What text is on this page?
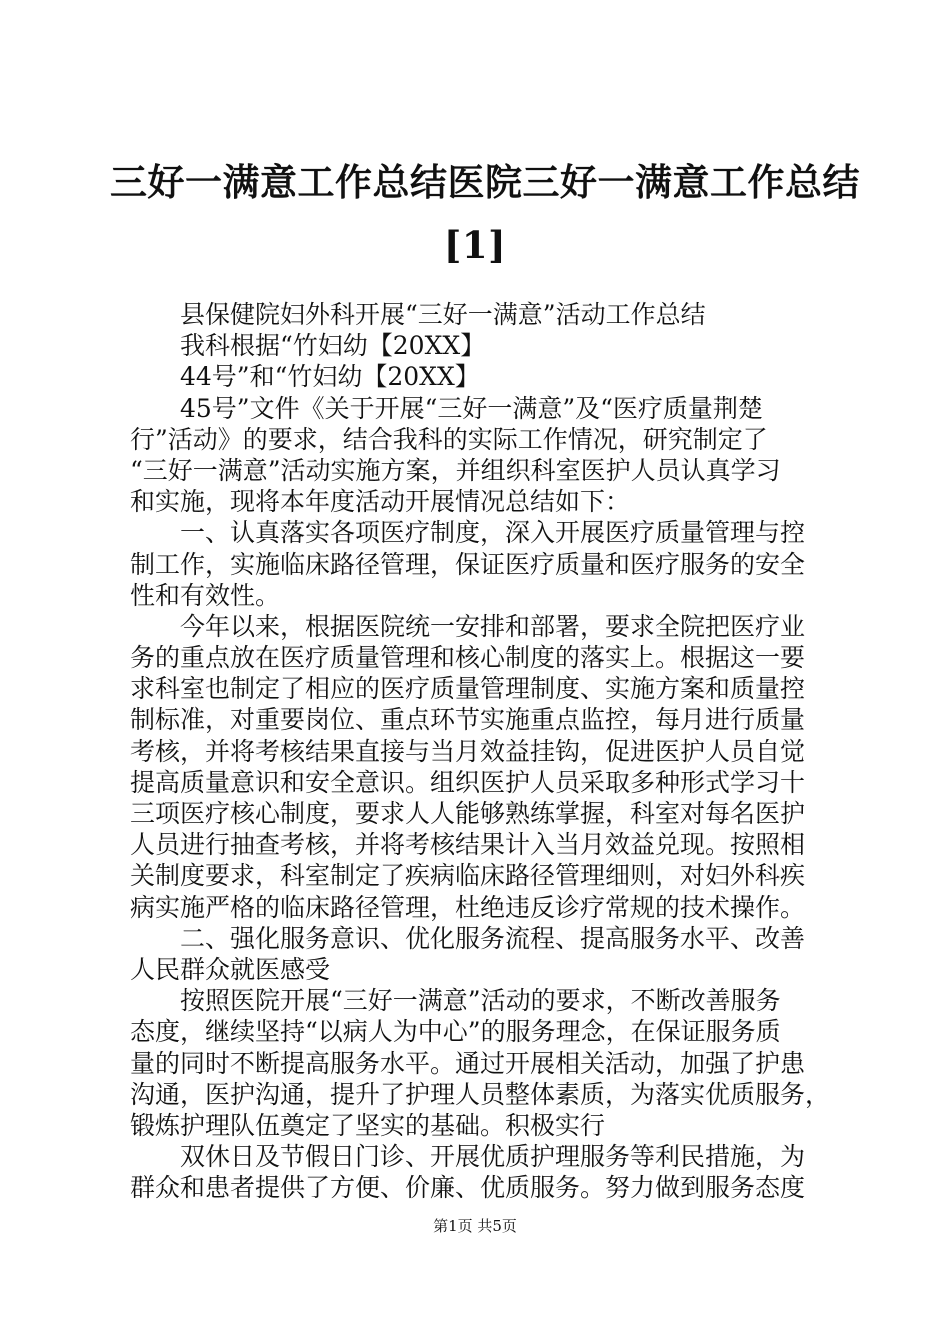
三好一满意工作总结医院三好一满意工作总结
[1]
县保健院妇外科开展“三好一满意”活动工作总结
我科根据“竹妇幼【20XX】
44号”和“竹妇幼【20XX】
45号”文件《关于开展“三好一满意”及“医疗质量荆楚
行”活动》的要求，结合我科的实际工作情况，研究制定了
“三好一满意”活动实施方案，并组织科室医护人员认真学习
和实施，现将本年度活动开展情况总结如下：
一、认真落实各项医疗制度，深入开展医疗质量管理与控
制工作，实施临床路径管理，保证医疗质量和医疗服务的安全
性和有效性。
今年以来，根据医院统一安排和部署，要求全院把医疗业
务的重点放在医疗质量管理和核心制度的落实上。根据这一要
求科室也制定了相应的医疗质量管理制度、实施方案和质量控
制标准，对重要岗位、重点环节实施重点监控，每月进行质量
考核，并将考核结果直接与当月效益挂钩，促进医护人员自觉
提高质量意识和安全意识。组织医护人员采取多种形式学习十
三项医疗核心制度，要求人人能够熟练掌握，科室对每名医护
人员进行抽查考核，并将考核结果计入当月效益兑现。按照相
关制度要求，科室制定了疾病临床路径管理细则，对妇外科疾
病实施严格的临床路径管理，杜绝违反诊疗常规的技术操作。
二、强化服务意识、优化服务流程、提高服务水平、改善
人民群众就医感受
按照医院开展“三好一满意”活动的要求，不断改善服务
态度，继续坚持“以病人为中心”的服务理念，在保证服务质
量的同时不断提高服务水平。通过开展相关活动，加强了护患
沟通，医护沟通，提升了护理人员整体素质，为落实优质服务，
锻炼护理队伍奠定了坚实的基础。积极实行
双休日及节假日门诊、开展优质护理服务等利民措施，为
群众和患者提供了方便、价廉、优质服务。努力做到服务态度
第1页 共5页
